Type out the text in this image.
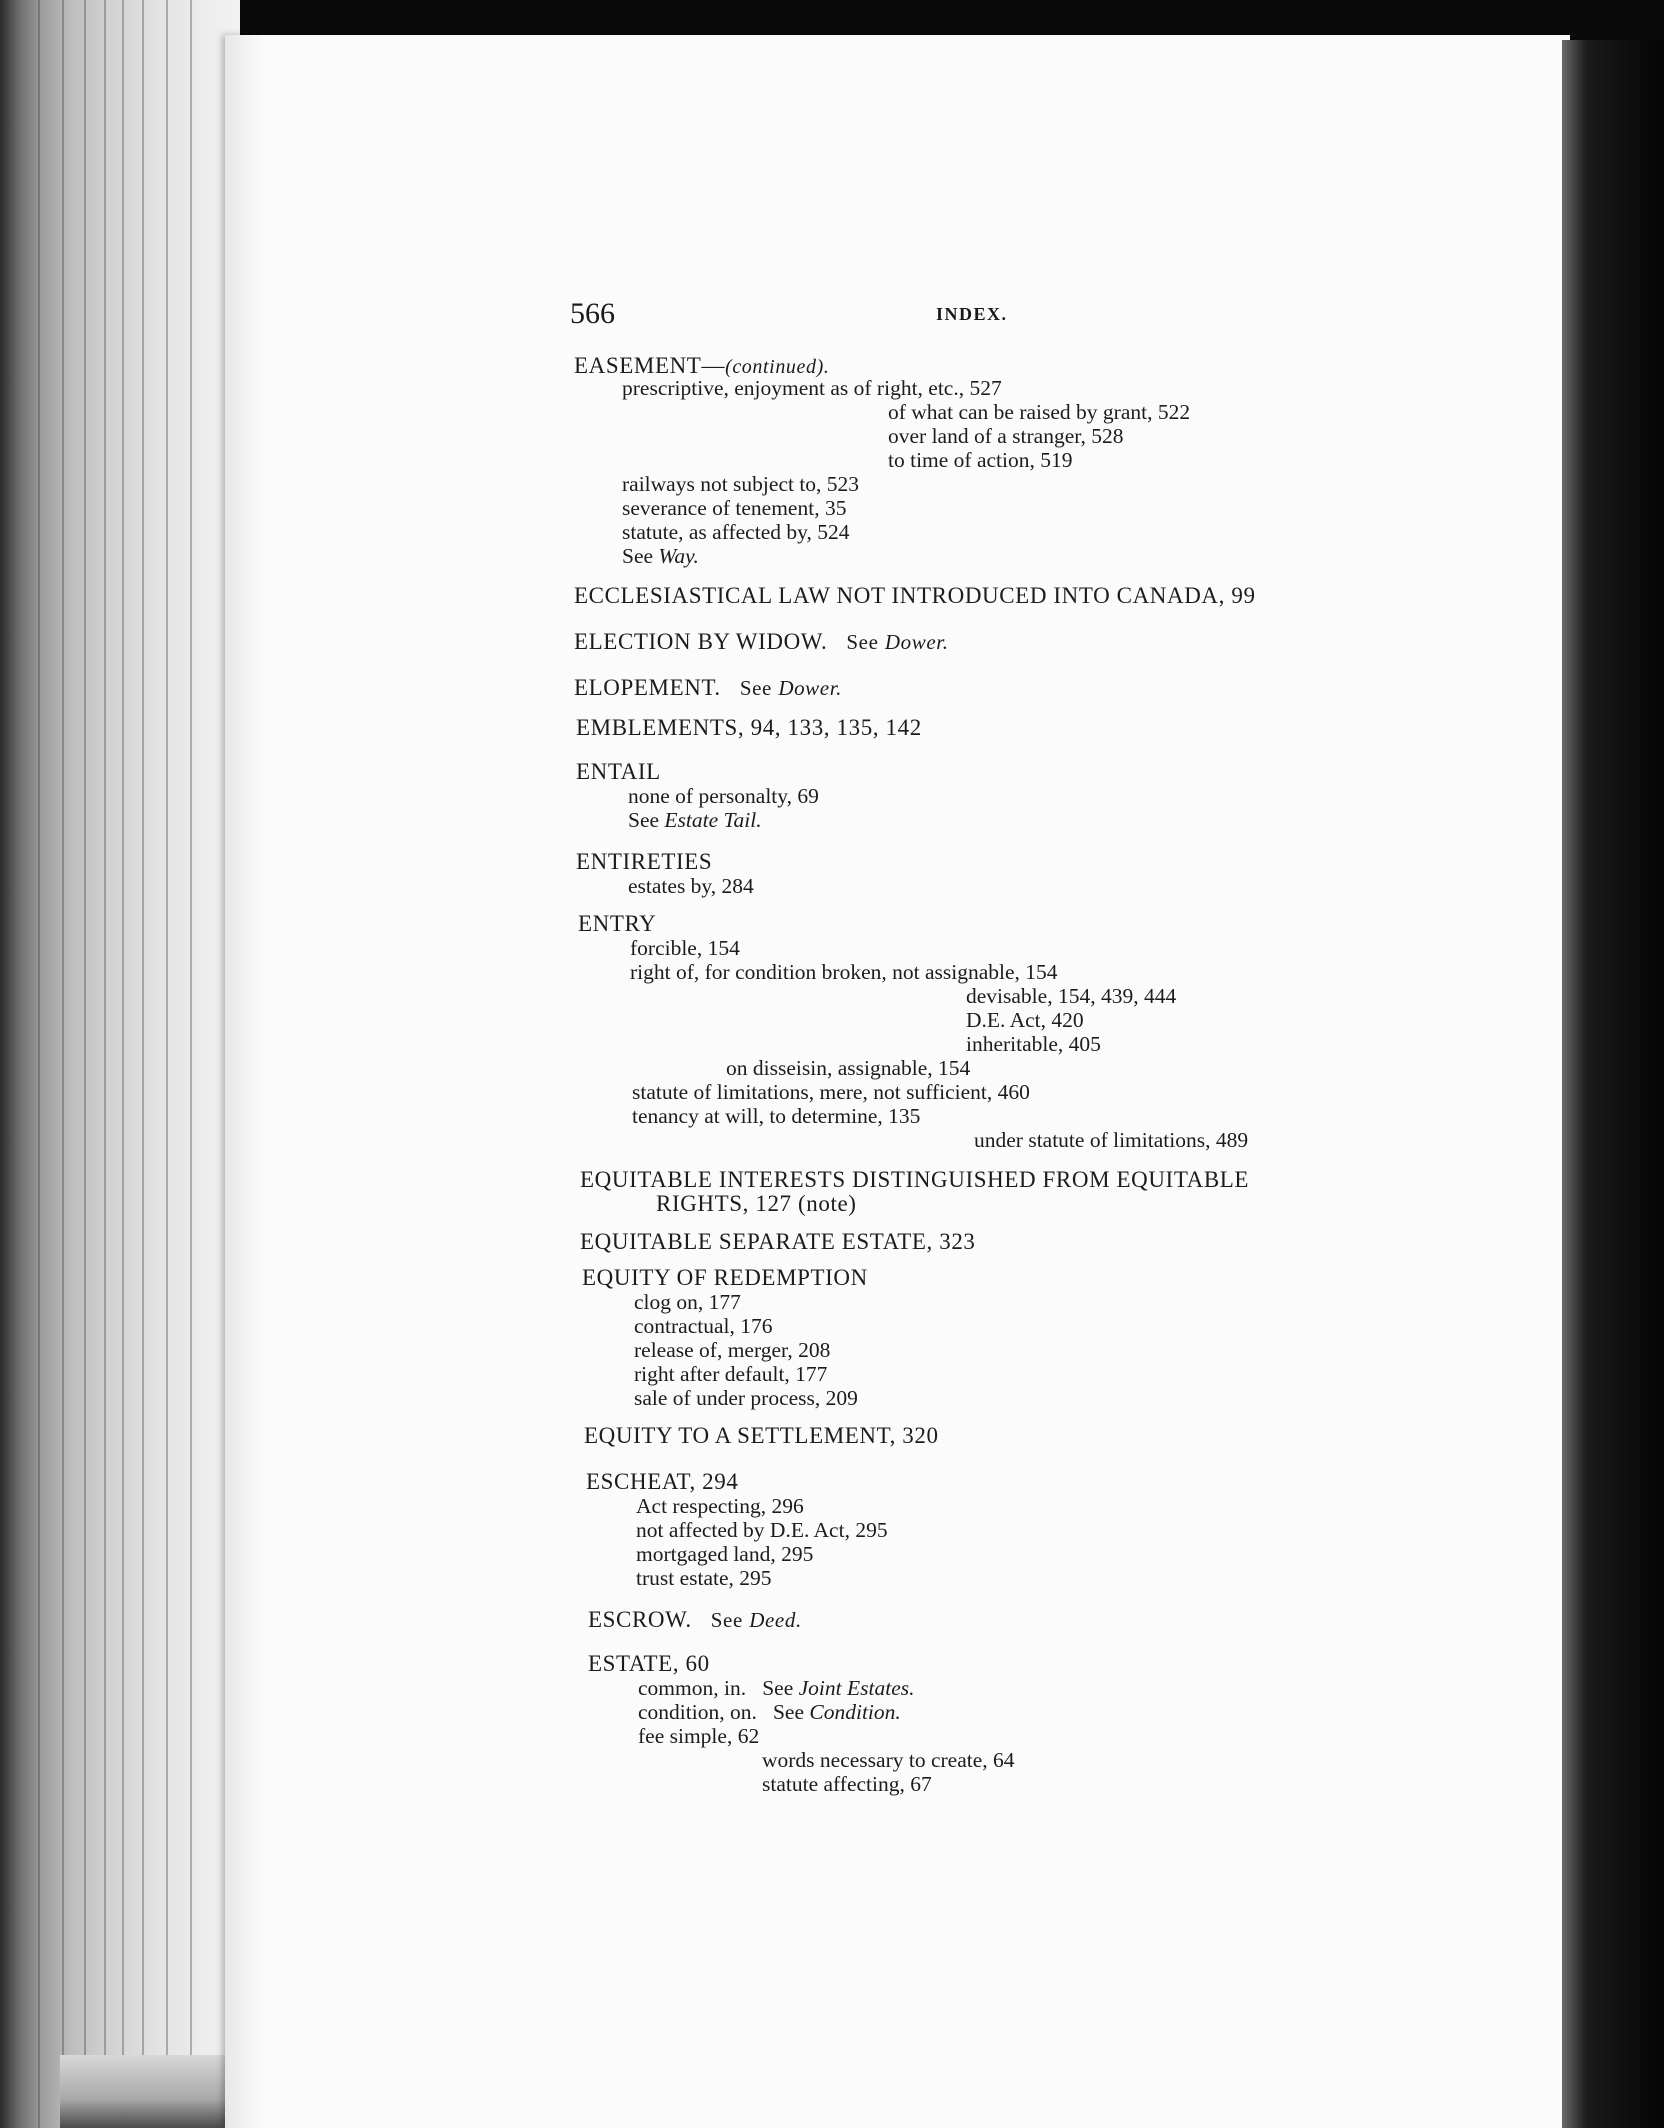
566	INDEX.
EASEMENT—(continued).
prescriptive, enjoyment as of right, etc., 527
of what can be raised by grant, 522
over land of a stranger, 528
to time of action, 519
railways not subject to, 523
severance of tenement, 35
statute, as affected by, 524
See Way.
ECCLESIASTICAL LAW NOT INTRODUCED INTO CANADA, 99
ELECTION BY WIDOW. See Dower.
ELOPEMENT. See Dower.
EMBLEMENTS, 94, 133, 135, 142
ENTAIL
none of personalty, 69
See Estate Tail.
ENTIRETIES
estates by, 284
ENTRY
forcible, 154
right of, for condition broken, not assignable, 154
devisable, 154, 439, 444
D.E. Act, 420
inheritable, 405
on disseisin, assignable, 154
statute of limitations, mere, not sufficient, 460
tenancy at will, to determine, 135
under statute of limitations, 489
EQUITABLE INTERESTS DISTINGUISHED FROM EQUITABLE
RIGHTS, 127 (note)
EQUITABLE SEPARATE ESTATE, 323
EQUITY OF REDEMPTION
clog on, 177
contractual, 176
release of, merger, 208
right after default, 177
sale of under process, 209
EQUITY TO A SETTLEMENT, 320
ESCHEAT, 294
Act respecting, 296
not affected by D.E. Act, 295
mortgaged land, 295
trust estate, 295
ESCROW. See Deed.
ESTATE, 60
common, in. See Joint Estates.
condition, on. See Condition.
fee simple, 62
words necessary to create, 64
statute affecting, 67
